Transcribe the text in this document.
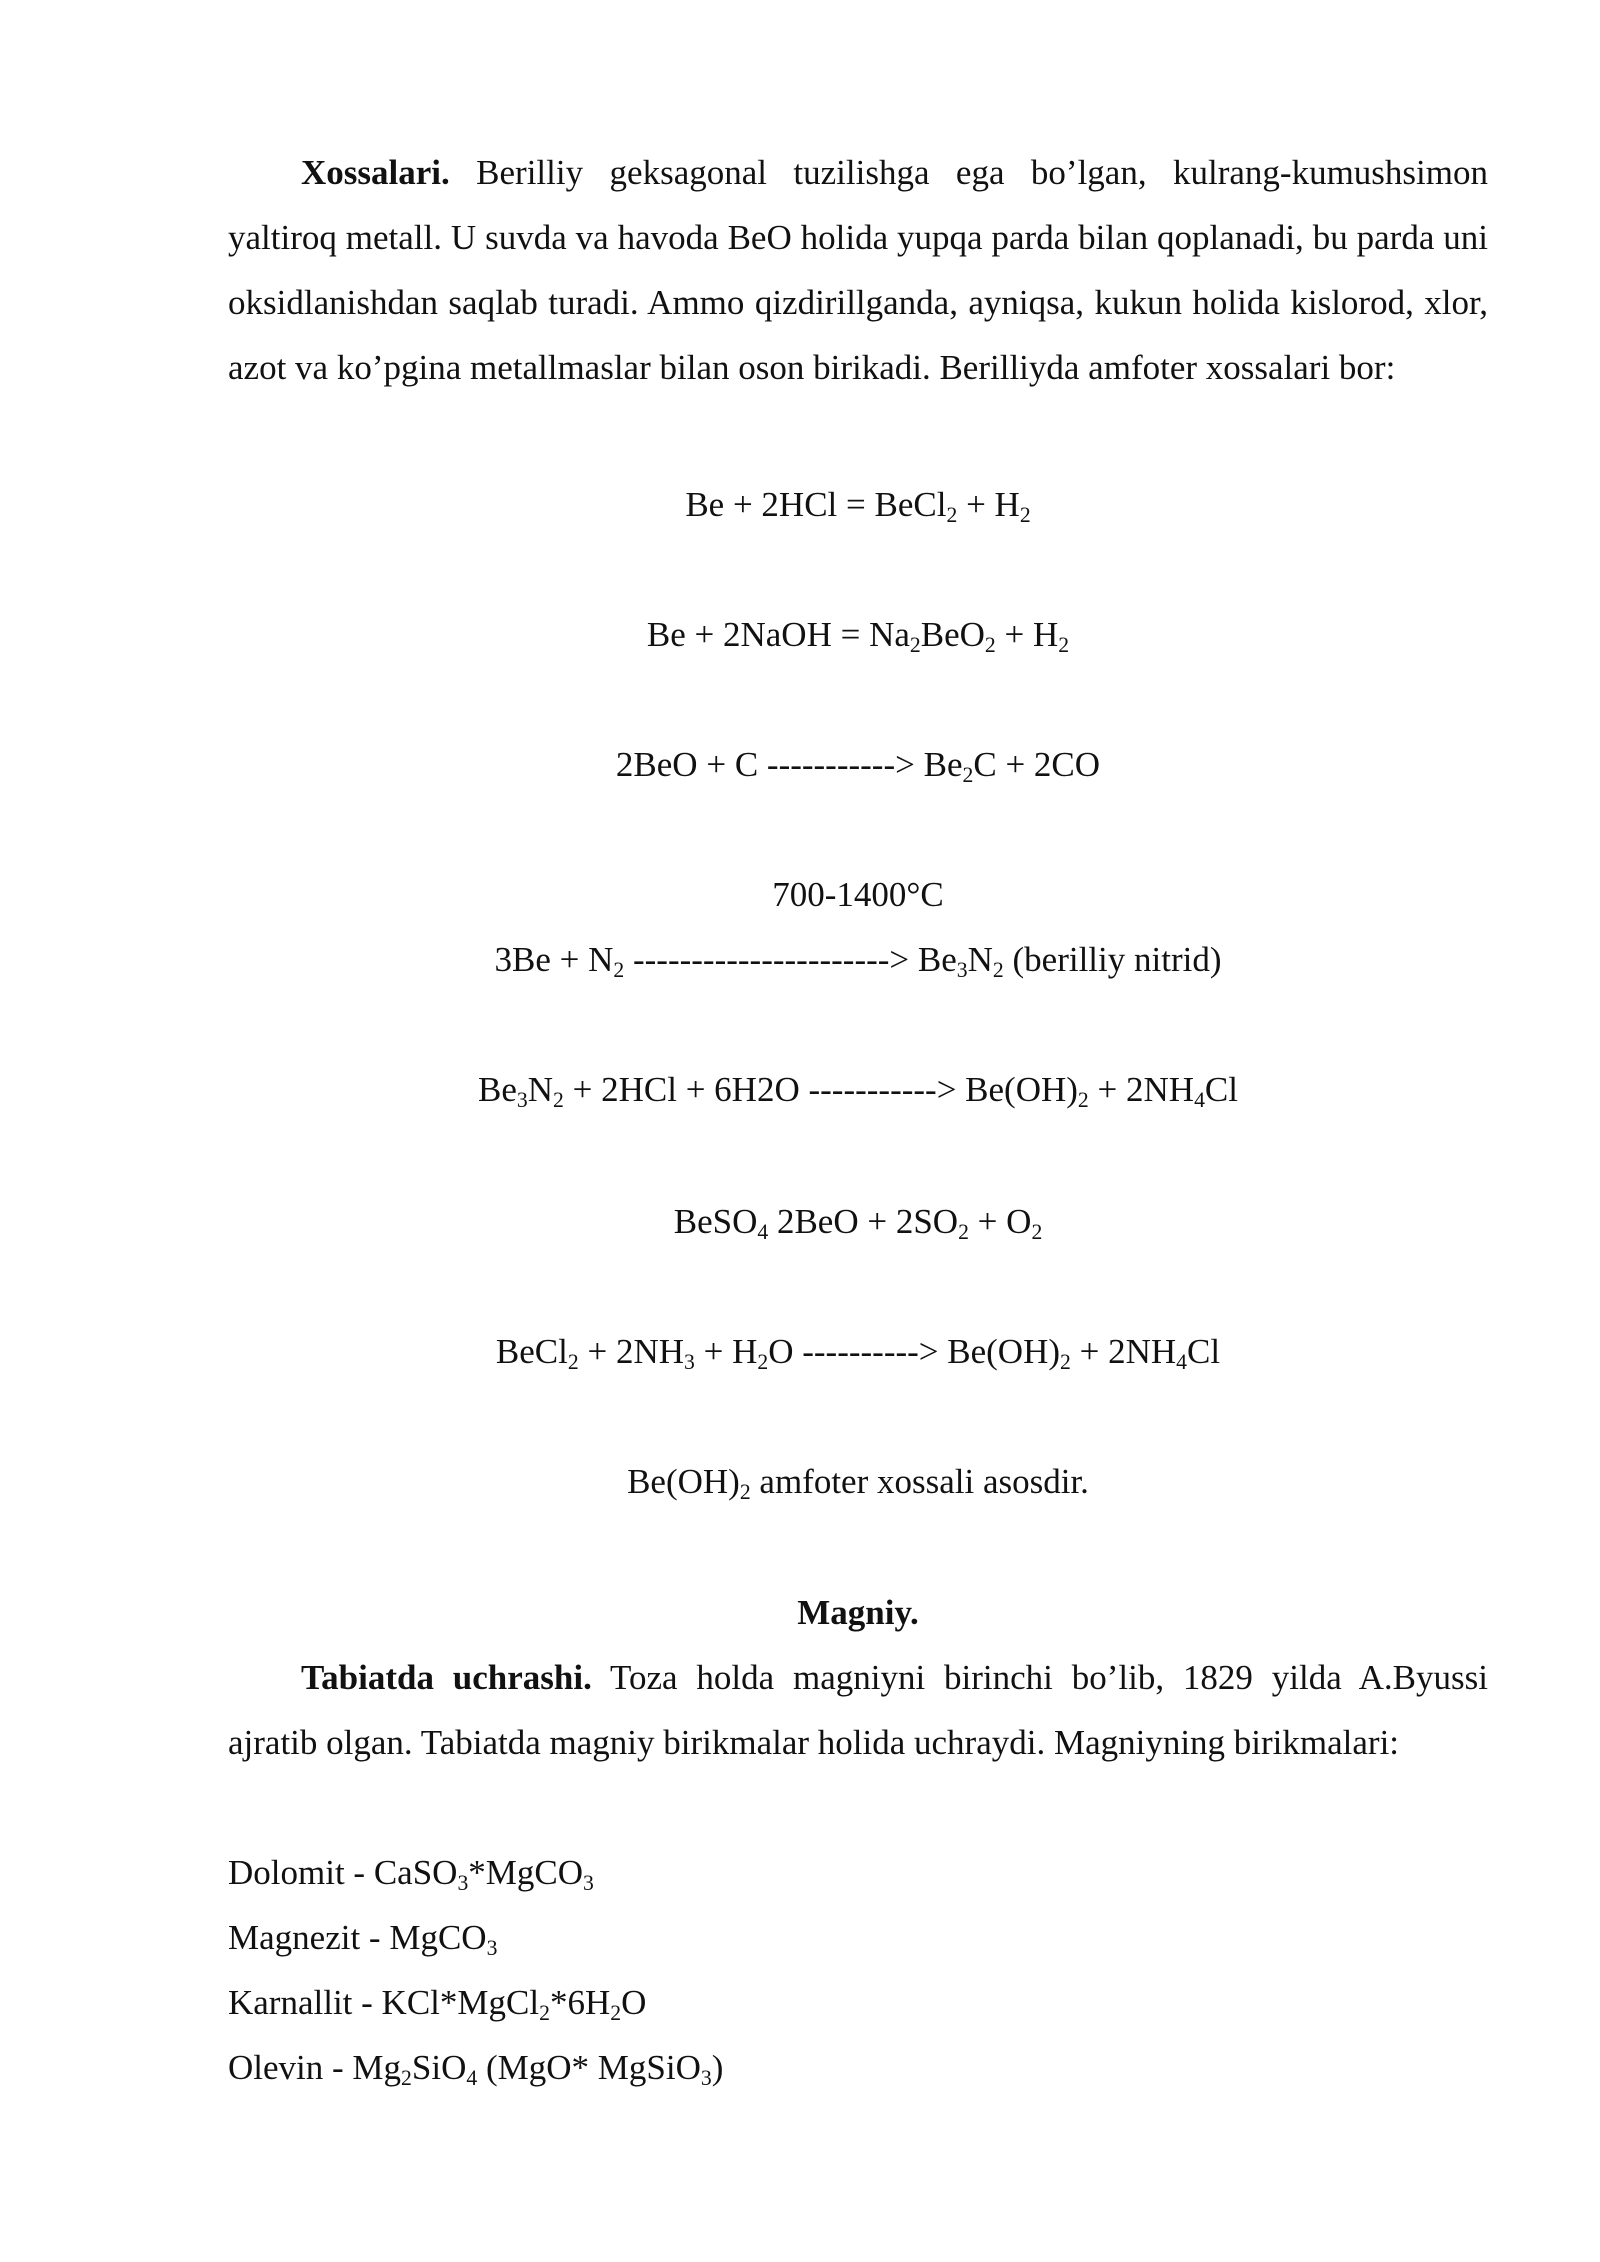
Xossalari. Berilliy geksagonal tuzilishga ega bo’lgan, kulrang-kumushsimon yaltiroq metall. U suvda va havoda BeO holida yupqa parda bilan qoplanadi, bu parda uni oksidlanishdan saqlab turadi. Ammo qizdirillganda, ayniqsa, kukun holida kislorod, xlor, azot va ko’pgina metallmaslar bilan oson birikadi. Berilliyda amfoter xossalari bor:

Be + 2HCl = BeCl$_2$ + $H_2$
Be + 2NaOH = $Na_2BeO_2 + H_2$
2BeO + C -----------> $Be_2C + 2CO$
700-1400°C
$3Be + N_2$ ----------------------> $Be_3N_2$ (berilliy nitrid)
$Be_3N_2 + 2HCl + 6H2O$ -----------> $Be(OH)_2 + 2NH_4Cl$
BeSO$_4$ $2BeO + 2SO_2 + O_2$
BeCl$_2$ + $2NH_3 + H_2O$ ----------> $Be(OH)_2 + 2NH_4Cl$
$Be(OH)_2$ amfoter xossali asosdir.
Magniy.

Tabiatda uchrashi. Toza holda magniyni birinchi bo’lib, 1829 yilda A.Byussi ajratib olgan. Tabiatda magniy birikmalar holida uchraydi. Magniyning birikmalari:

Dolomit - CaSO$_3$*MgCO$_3$
Magnezit - MgCO$_3$
Karnallit - $KCl*MgCl_2*6H_2O$
Olevin - $Mg_2SiO_4$ (MgO* MgSiO$_3$)
